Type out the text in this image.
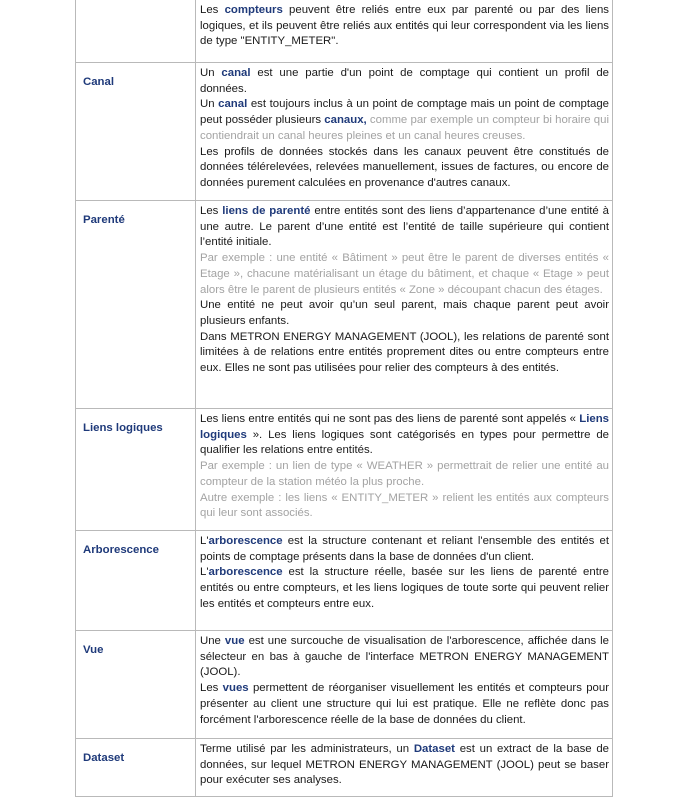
Les compteurs peuvent être reliés entre eux par parenté ou par des liens logiques, et ils peuvent être reliés aux entités qui leur correspondent via les liens de type "ENTITY_METER".

Canal

Un canal est une partie d'un point de comptage qui contient un profil de données.

Un canal est toujours inclus à un point de comptage mais un point de comptage peut posséder plusieurs canaux, comme par exemple un compteur bi horaire qui contiendrait un canal heures pleines et un canal heures creuses.

Les profils de données stockés dans les canaux peuvent être constitués de données télérelevées, relevées manuellement, issues de factures, ou encore de données purement calculées en provenance d'autres canaux.

Parenté

Les liens de parenté entre entités sont des liens d’appartenance d’une entité à une autre. Le parent d’une entité est l’entité de taille supérieure qui contient l’entité initiale.

Par exemple : une entité « Bâtiment » peut être le parent de diverses entités « Etage », chacune matérialisant un étage du bâtiment, et chaque « Etage » peut alors être le parent de plusieurs entités « Zone » découpant chacun des étages.

Une entité ne peut avoir qu’un seul parent, mais chaque parent peut avoir plusieurs enfants.

Dans METRON ENERGY MANAGEMENT (JOOL), les relations de parenté sont limitées à de relations entre entités proprement dites ou entre compteurs entre eux. Elles ne sont pas utilisées pour relier des compteurs à des entités.

Liens logiques

Les liens entre entités qui ne sont pas des liens de parenté sont appelés « Liens logiques ». Les liens logiques sont catégorisés en types pour permettre de qualifier les relations entre entités.

Par exemple : un lien de type « WEATHER » permettrait de relier une entité au compteur de la station météo la plus proche.

Autre exemple : les liens « ENTITY_METER » relient les entités aux compteurs qui leur sont associés.

Arborescence

L'arborescence est la structure contenant et reliant l'ensemble des entités et points de comptage présents dans la base de données d'un client.

L'arborescence est la structure réelle, basée sur les liens de parenté entre entités ou entre compteurs, et les liens logiques de toute sorte qui peuvent relier les entités et compteurs entre eux.

Vue

Une vue est une surcouche de visualisation de l'arborescence, affichée dans le sélecteur en bas à gauche de l'interface METRON ENERGY MANAGEMENT (JOOL).

Les vues permettent de réorganiser visuellement les entités et compteurs pour présenter au client une structure qui lui est pratique. Elle ne reflète donc pas forcément l'arborescence réelle de la base de données du client.

Dataset

Terme utilisé par les administrateurs, un Dataset est un extract de la base de données, sur lequel METRON ENERGY MANAGEMENT (JOOL) peut se baser pour exécuter ses analyses.
